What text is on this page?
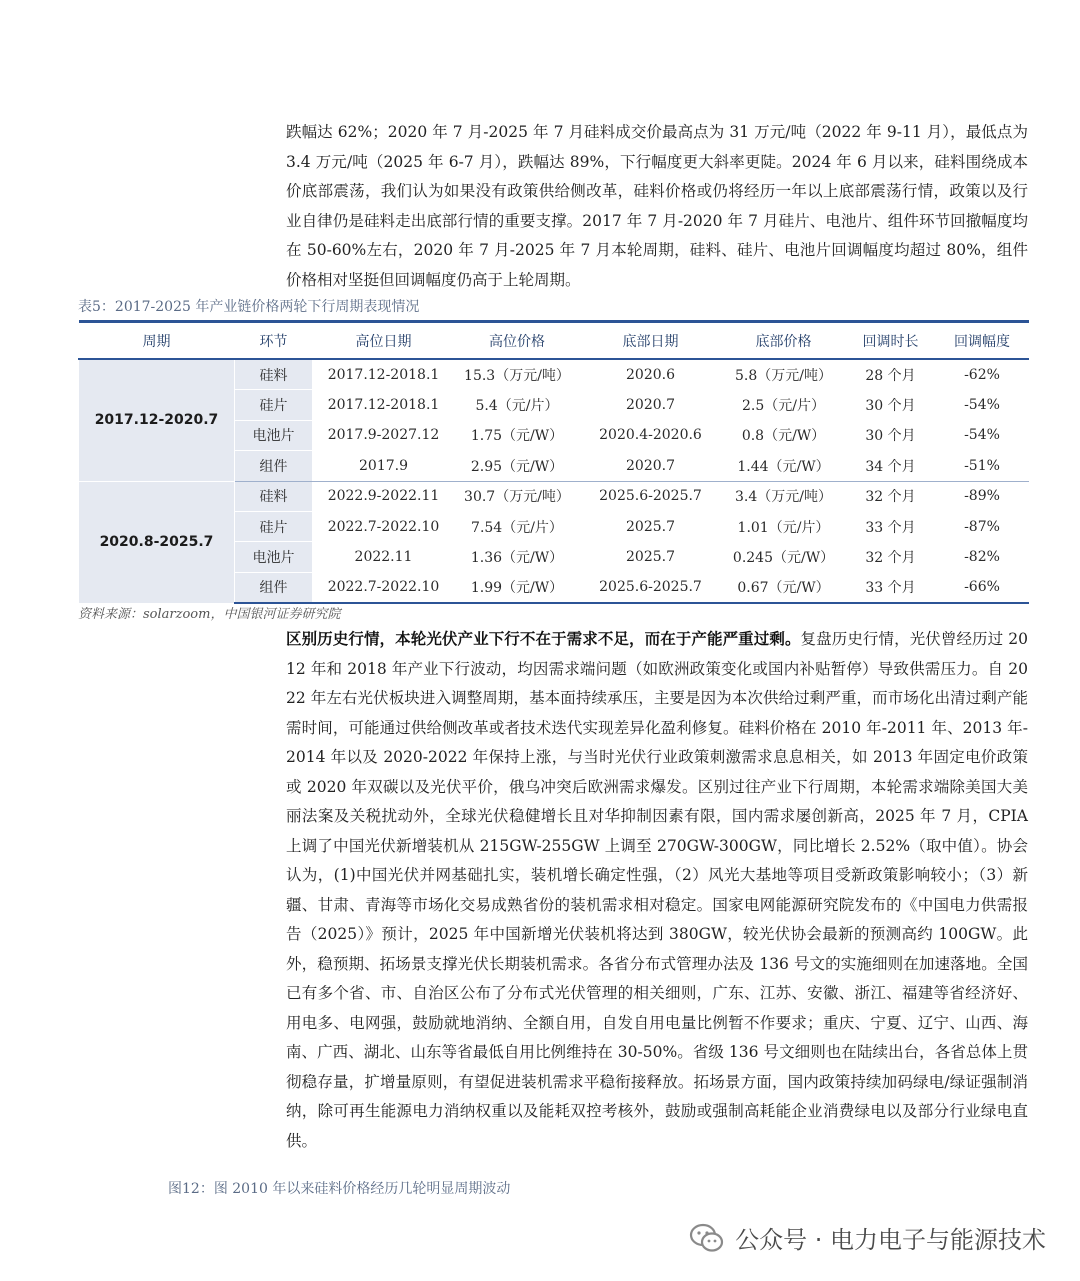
跌幅达 62%；2020 年 7 月-2025 年 7 月硅料成交价最高点为 31 万元/吨（2022 年 9-11 月），最低点为 3.4 万元/吨（2025 年 6-7 月），跌幅达 89%，下行幅度更大斜率更陡。2024 年 6 月以来，硅料围绕成本价底部震荡，我们认为如果没有政策供给侧改革，硅料价格或仍将经历一年以上底部震荡行情，政策以及行业自律仍是硅料走出底部行情的重要支撑。2017 年 7 月-2020 年 7 月硅片、电池片、组件环节回撤幅度均在 50-60%左右，2020 年 7 月-2025 年 7 月本轮周期，硅料、硅片、电池片回调幅度均超过 80%，组件价格相对坚挺但回调幅度仍高于上轮周期。
表5：2017-2025 年产业链价格两轮下行周期表现情况
周期	环节	高位日期	高位价格	底部日期	底部价格	回调时长	回调幅度
2017.12-2020.7	硅料	2017.12-2018.1	15.3（万元/吨）	2020.6	5.8（万元/吨）	28 个月	-62%
	硅片	2017.12-2018.1	5.4（元/片）	2020.7	2.5（元/片）	30 个月	-54%
	电池片	2017.9-2027.12	1.75（元/W）	2020.4-2020.6	0.8（元/W）	30 个月	-54%
	组件	2017.9	2.95（元/W）	2020.7	1.44（元/W）	34 个月	-51%
2020.8-2025.7	硅料	2022.9-2022.11	30.7（万元/吨）	2025.6-2025.7	3.4（万元/吨）	32 个月	-89%
	硅片	2022.7-2022.10	7.54（元/片）	2025.7	1.01（元/片）	33 个月	-87%
	电池片	2022.11	1.36（元/W）	2025.7	0.245（元/W）	32 个月	-82%
	组件	2022.7-2022.10	1.99（元/W）	2025.6-2025.7	0.67（元/W）	33 个月	-66%
资料来源：solarzoom，中国银河证券研究院
区别历史行情，本轮光伏产业下行不在于需求不足，而在于产能严重过剩。复盘历史行情，光伏曾经历过 2012 年和 2018 年产业下行波动，均因需求端问题（如欧洲政策变化或国内补贴暂停）导致供需压力。自 2022 年左右光伏板块进入调整周期，基本面持续承压，主要是因为本次供给过剩严重，而市场化出清过剩产能需时间，可能通过供给侧改革或者技术迭代实现差异化盈利修复。硅料价格在 2010 年-2011 年、2013 年-2014 年以及 2020-2022 年保持上涨，与当时光伏行业政策刺激需求息息相关，如 2013 年固定电价政策或 2020 年双碳以及光伏平价，俄乌冲突后欧洲需求爆发。区别过往产业下行周期，本轮需求端除美国大美丽法案及关税扰动外，全球光伏稳健增长且对华抑制因素有限，国内需求屡创新高，2025 年 7 月，CPIA 上调了中国光伏新增装机从 215GW-255GW 上调至 270GW-300GW，同比增长 2.52%（取中值）。协会认为，(1)中国光伏并网基础扎实，装机增长确定性强，（2）风光大基地等项目受新政策影响较小；（3）新疆、甘肃、青海等市场化交易成熟省份的装机需求相对稳定。国家电网能源研究院发布的《中国电力供需报告（2025）》预计，2025 年中国新增光伏装机将达到 380GW，较光伏协会最新的预测高约 100GW。此外，稳预期、拓场景支撑光伏长期装机需求。各省分布式管理办法及 136 号文的实施细则在加速落地。全国已有多个省、市、自治区公布了分布式光伏管理的相关细则，广东、江苏、安徽、浙江、福建等省经济好、用电多、电网强，鼓励就地消纳、全额自用，自发自用电量比例暂不作要求；重庆、宁夏、辽宁、山西、海南、广西、湖北、山东等省最低自用比例维持在 30-50%。省级 136 号文细则也在陆续出台，各省总体上贯彻稳存量，扩增量原则，有望促进装机需求平稳衔接释放。拓场景方面，国内政策持续加码绿电/绿证强制消纳，除可再生能源电力消纳权重以及能耗双控考核外，鼓励或强制高耗能企业消费绿电以及部分行业绿电直供。
图12：图 2010 年以来硅料价格经历几轮明显周期波动
公众号 · 电力电子与能源技术
